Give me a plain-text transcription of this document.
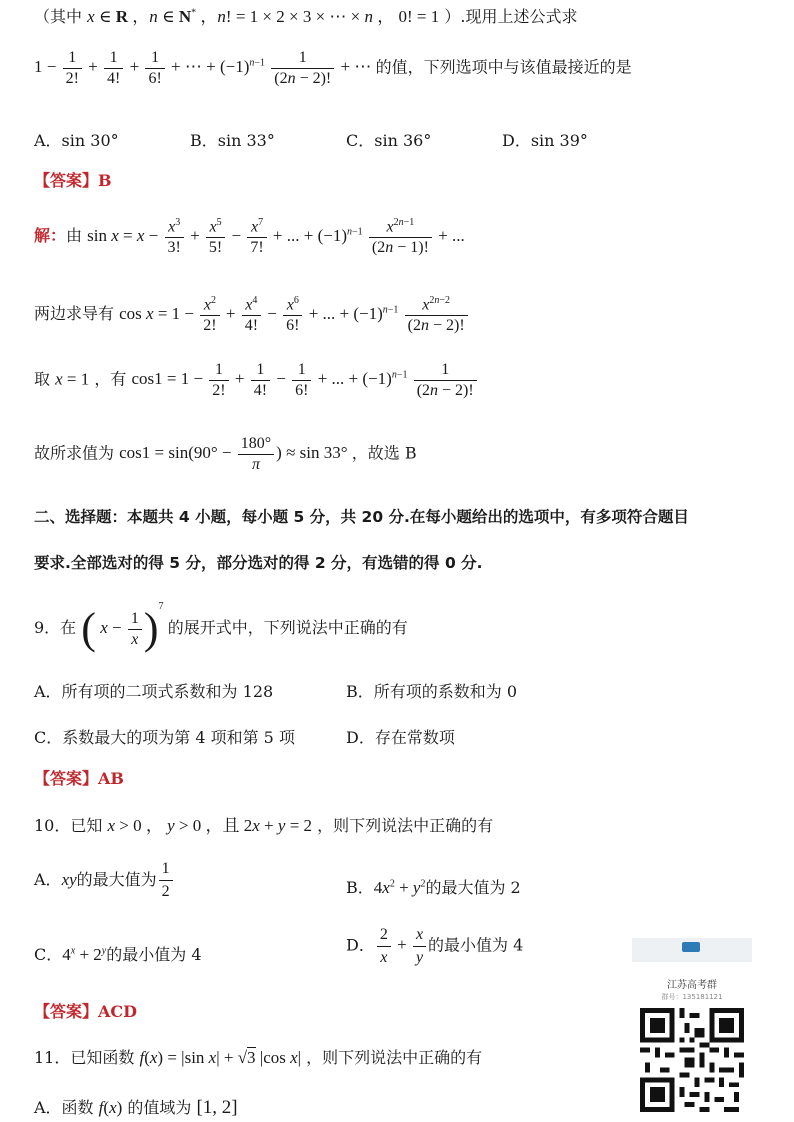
（其中 x ∈ R ，n ∈ N* ，n! = 1 × 2 × 3 × ⋯ × n ， 0! = 1 ）.现用上述公式求
$1 - \frac{1}{2!} + \frac{1}{4!} + \frac{1}{6!}$ + ⋯ + $(-1)^{n-1} \frac{1}{(2n - 2)!}$ + ⋯ 的值，下列选项中与该值最接近的是
A．sin 30°	B．sin 33°	C．sin 36°	D．sin 39°
【答案】B
解：由 $\sin x = x - \frac{x^3}{3!} + \frac{x^5}{5!} - \frac{x^7}{7!}$ + ... + $(-1)^{n-1} \frac{x^{2n-1}}{(2n - 1)!}$ + ...
两边求导有 $\cos x = 1 - \frac{x^2}{2!} + \frac{x^4}{4!} - \frac{x^6}{6!}$ + ... + $(-1)^{n-1} \frac{x^{2n-2}}{(2n - 2)!}$
取 x = 1 ，有 $\cos 1 = 1 - \frac{1}{2!} + \frac{1}{4!} - \frac{1}{6!}$ + ... + $(-1)^{n-1} \frac{1}{(2n - 2)!}$
故所求值为 $\cos 1 = \sin(90^\circ - \frac{180^\circ}{\pi}$ ) ≈ sin 33° ，故选 B
二、选择题：本题共 4 小题，每小题 5 分，共 20 分.在每小题给出的选项中，有多项符合题目
要求.全部选对的得 5 分，部分选对的得 2 分，有选错的得 0 分.
9．在 ( $x - \frac{1}{x} )^7$ 的展开式中，下列说法中正确的有
A．所有项的二项式系数和为 128	B．所有项的系数和为 0
C．系数最大的项为第 4 项和第 5 项	D．存在常数项
【答案】AB
10．已知 x > 0 ， y > 0 ，且 2x + y = 2 ，则下列说法中正确的有
A．xy的最大值为 $\frac{1}{2}$	B．$4x^2 + y^2$的最大值为 2
C．$4^x + 2^y$的最小值为 4
D． $\frac{2}{x} + \frac{x}{y}$ 的最小值为 4
【答案】ACD
11．已知函数 f(x) = |sin x| + √3 |cos x| ，则下列说法中正确的有
A．函数 f(x) 的值域为 [1, 2]
江苏高考群
群号：135181121
